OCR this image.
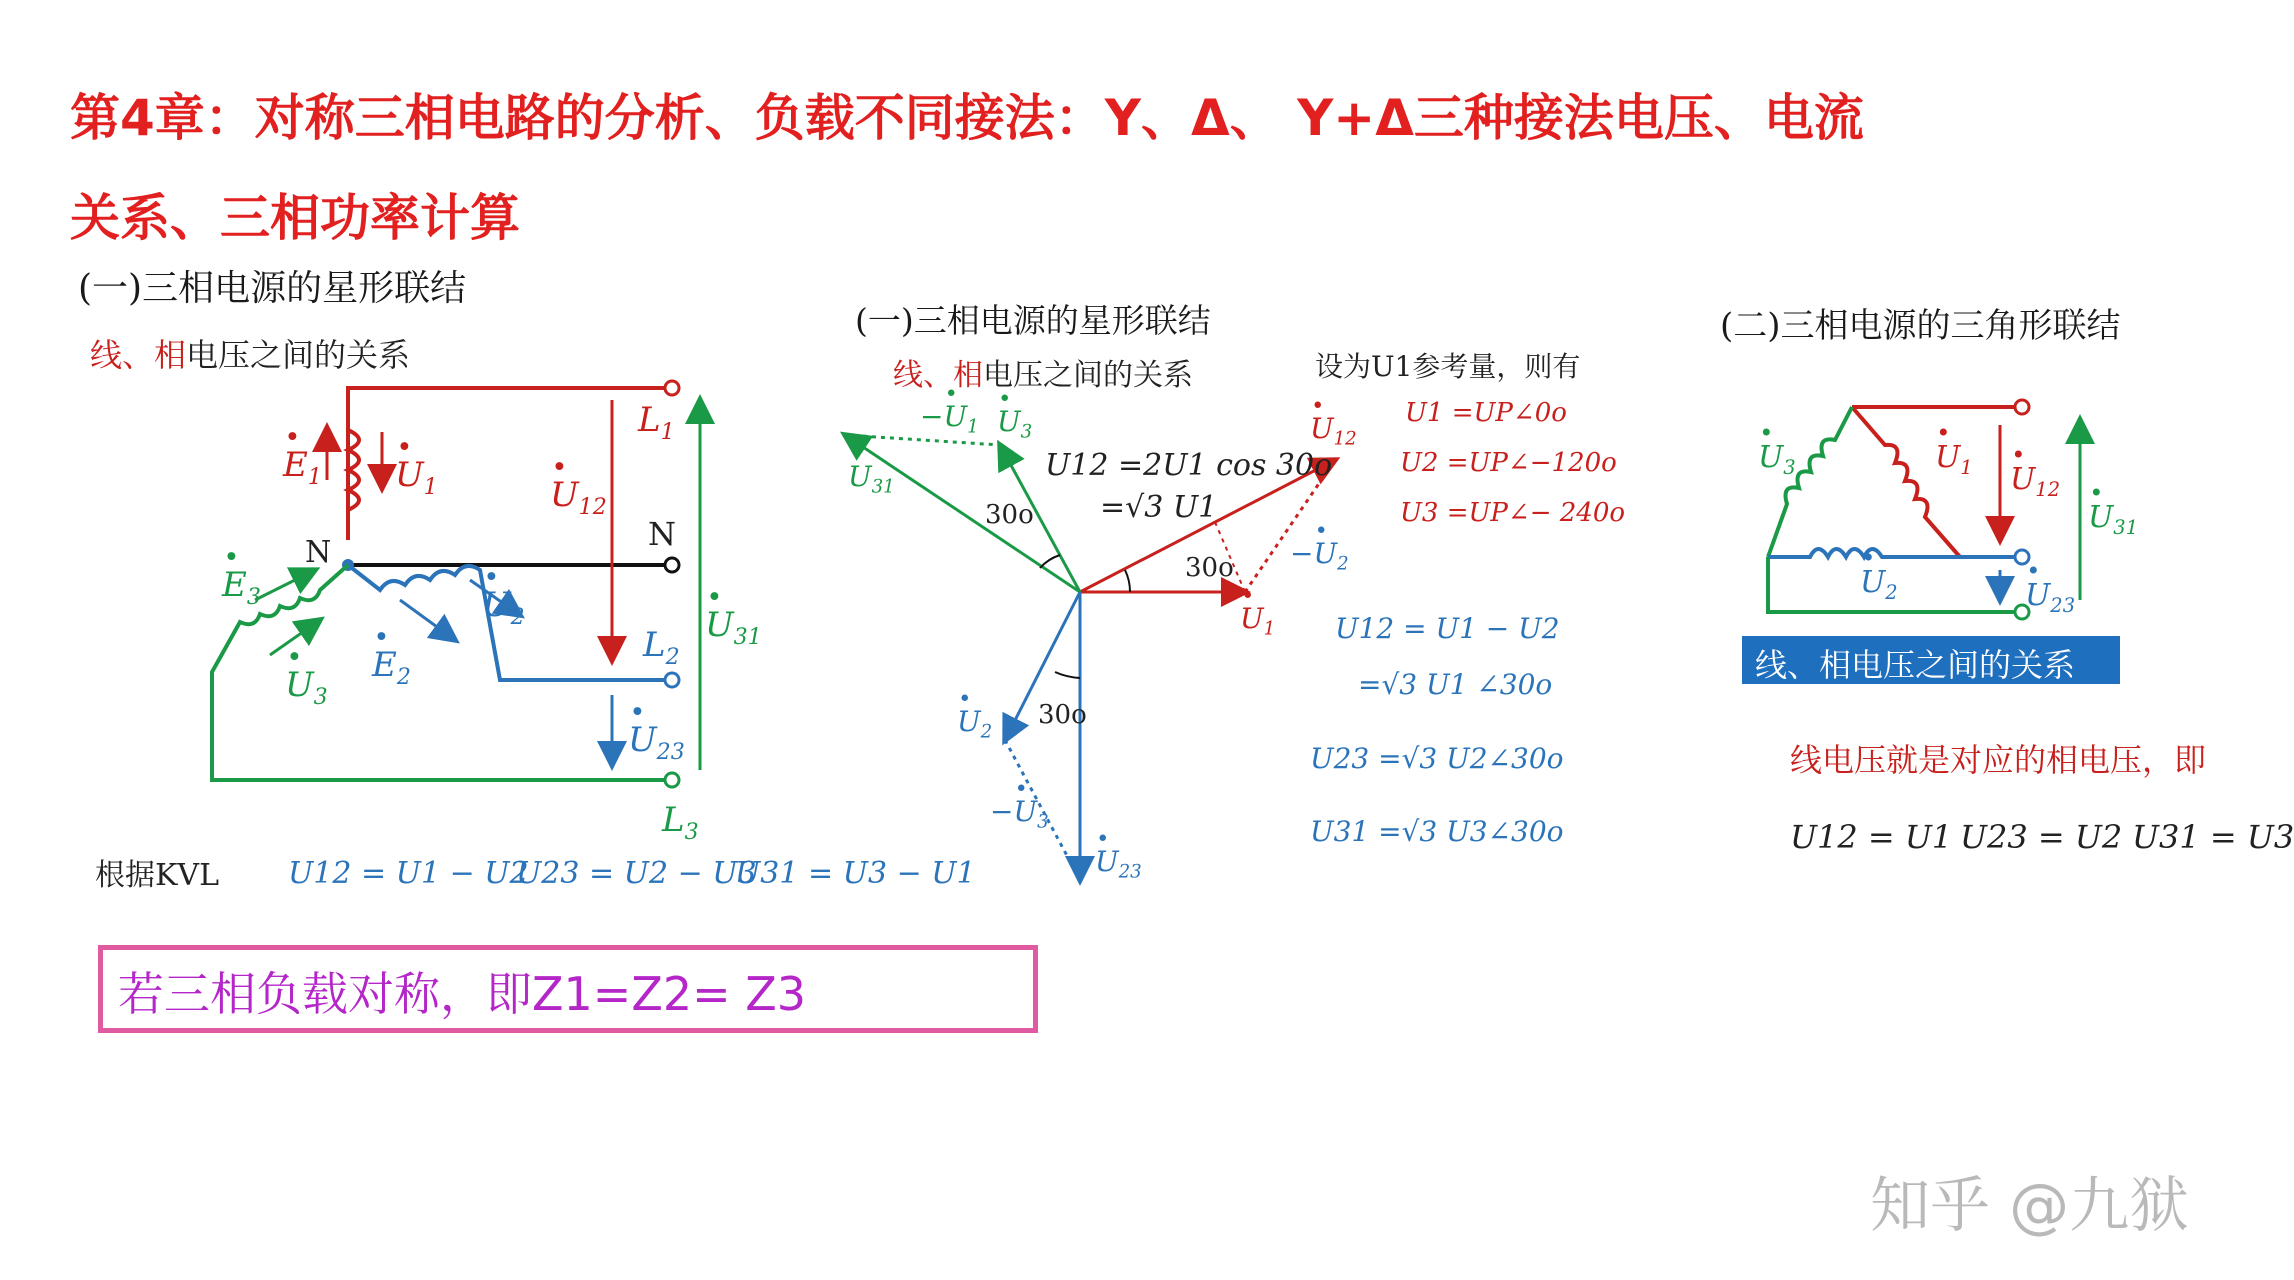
第4章：对称三相电路的分析、负载不同接法：Y、Δ、 Y+Δ三种接法电压、电流
关系、三相功率计算
(一)三相电源的星形联结
线、相电压之间的关系
• $E_1$ • $U_1$	• $U_{12}$
$L_1$
N	N
• $E_3$
• $U_3$
• $U_2$
• $E_2$
$L_2$
• $U_{23}$
• $U_{31}$
$L_3$
根据KVL U12 = U1 − U2
U23 = U2 − U3
U31 = U3 − U1
(一)三相电源的星形联结
线、相电压之间的关系
U12 =2U1 cos 30o
=√3 U1
30o
30o
30o
• $U_{12}$
• $U_1$
−• $U_1$ • $U_3$
• $U_{31}$
−• $U_2$
• $U_2$
−• $U_3$
• $U_{23}$
设为U1参考量，则有
U1 =UP∠0o
U2 =UP∠−120o
U3 =UP∠− 240o
U12 = U1 − U2
=√3 U1 ∠30o
U23 =√3 U2∠30o
U31 =√3 U3∠30o
(二)三相电源的三角形联结
• $U_3$	• $U_1$ • $U_{12}$
• $U_2$	• $U_{23}$
• $U_{31}$
线、相电压之间的关系
线电压就是对应的相电压，即
U12 = U1 U23 = U2 U31 = U3
若三相负载对称，即Z1=Z2= Z3
知乎 @九狱
